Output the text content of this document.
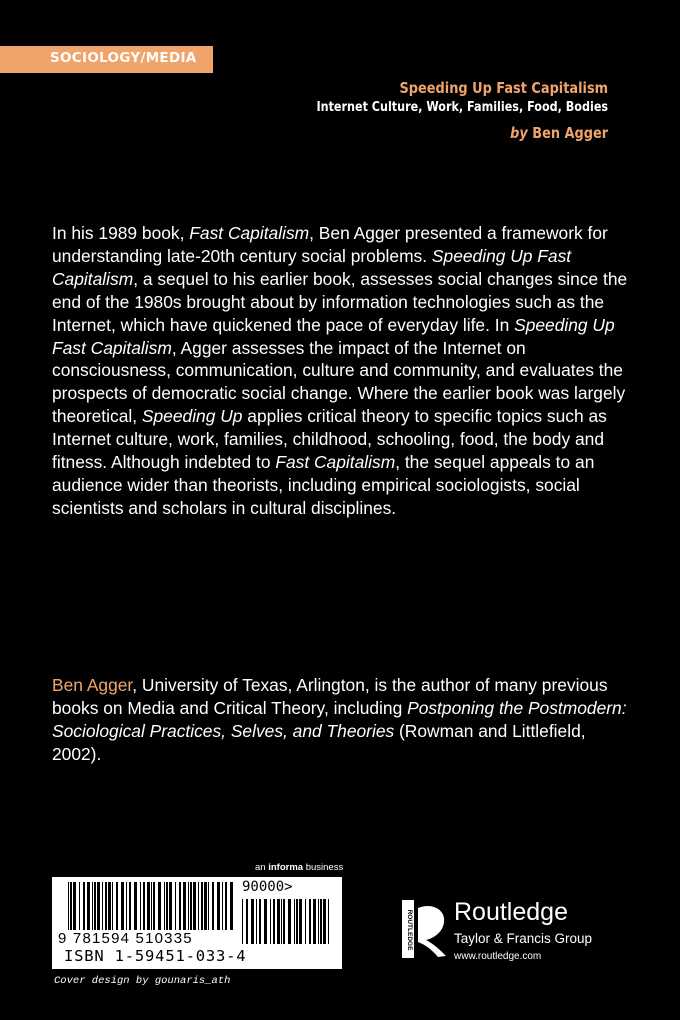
SOCIOLOGY/MEDIA
Speeding Up Fast Capitalism
Internet Culture, Work, Families, Food, Bodies
by Ben Agger

In his 1989 book, Fast Capitalism, Ben Agger presented a framework for understanding late-20th century social problems. Speeding Up Fast Capitalism, a sequel to his earlier book, assesses social changes since the end of the 1980s brought about by information technologies such as the Internet, which have quickened the pace of everyday life. In Speeding Up Fast Capitalism, Agger assesses the impact of the Internet on consciousness, communication, culture and community, and evaluates the prospects of democratic social change. Where the earlier book was largely theoretical, Speeding Up applies critical theory to specific topics such as Internet culture, work, families, childhood, schooling, food, the body and fitness. Although indebted to Fast Capitalism, the sequel appeals to an audience wider than theorists, including empirical sociologists, social scientists and scholars in cultural disciplines.

Ben Agger, University of Texas, Arlington, is the author of many previous books on Media and Critical Theory, including Postponing the Postmodern: Sociological Practices, Selves, and Theories (Rowman and Littlefield, 2002).

an informa business
90000>
9 781594 510335
ISBN 1-59451-033-4
Cover design by gounaris_ath
ROUTLEDGE Routledge
Taylor & Francis Group
www.routledge.com
